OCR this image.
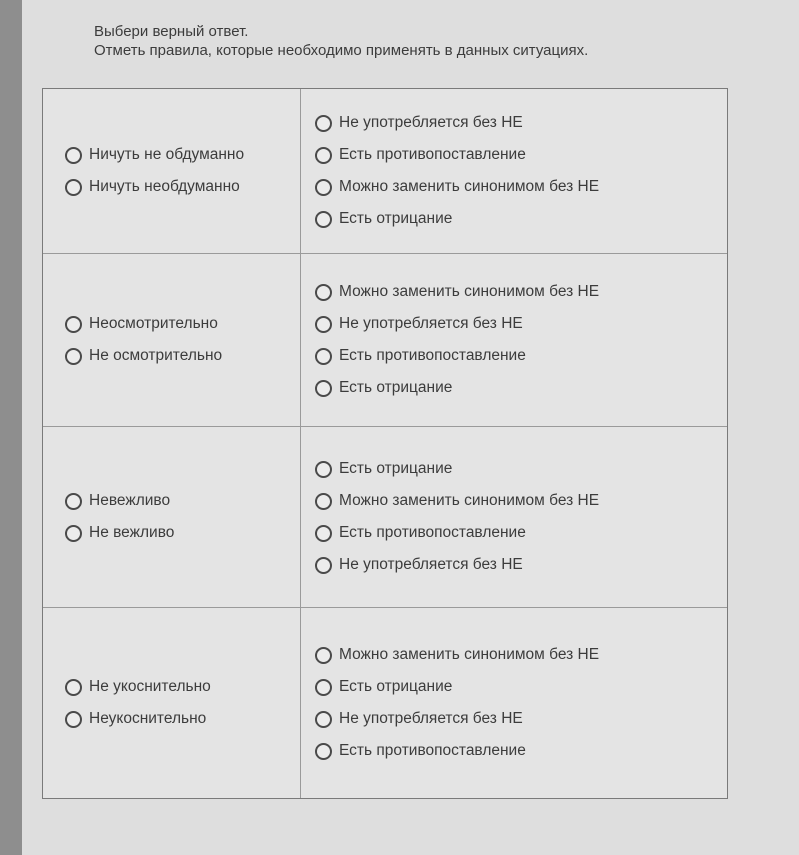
Выбери верный ответ.
Отметь правила, которые необходимо применять в данных ситуациях.
Ничуть не обдуманно
Ничуть необдуманно
Не употребляется без НЕ
Есть противопоставление
Можно заменить синонимом без НЕ
Есть отрицание
Неосмотрительно
Не осмотрительно
Можно заменить синонимом без НЕ
Не употребляется без НЕ
Есть противопоставление
Есть отрицание
Невежливо
Не вежливо
Есть отрицание
Можно заменить синонимом без НЕ
Есть противопоставление
Не употребляется без НЕ
Не укоснительно
Неукоснительно
Можно заменить синонимом без НЕ
Есть отрицание
Не употребляется без НЕ
Есть противопоставление
